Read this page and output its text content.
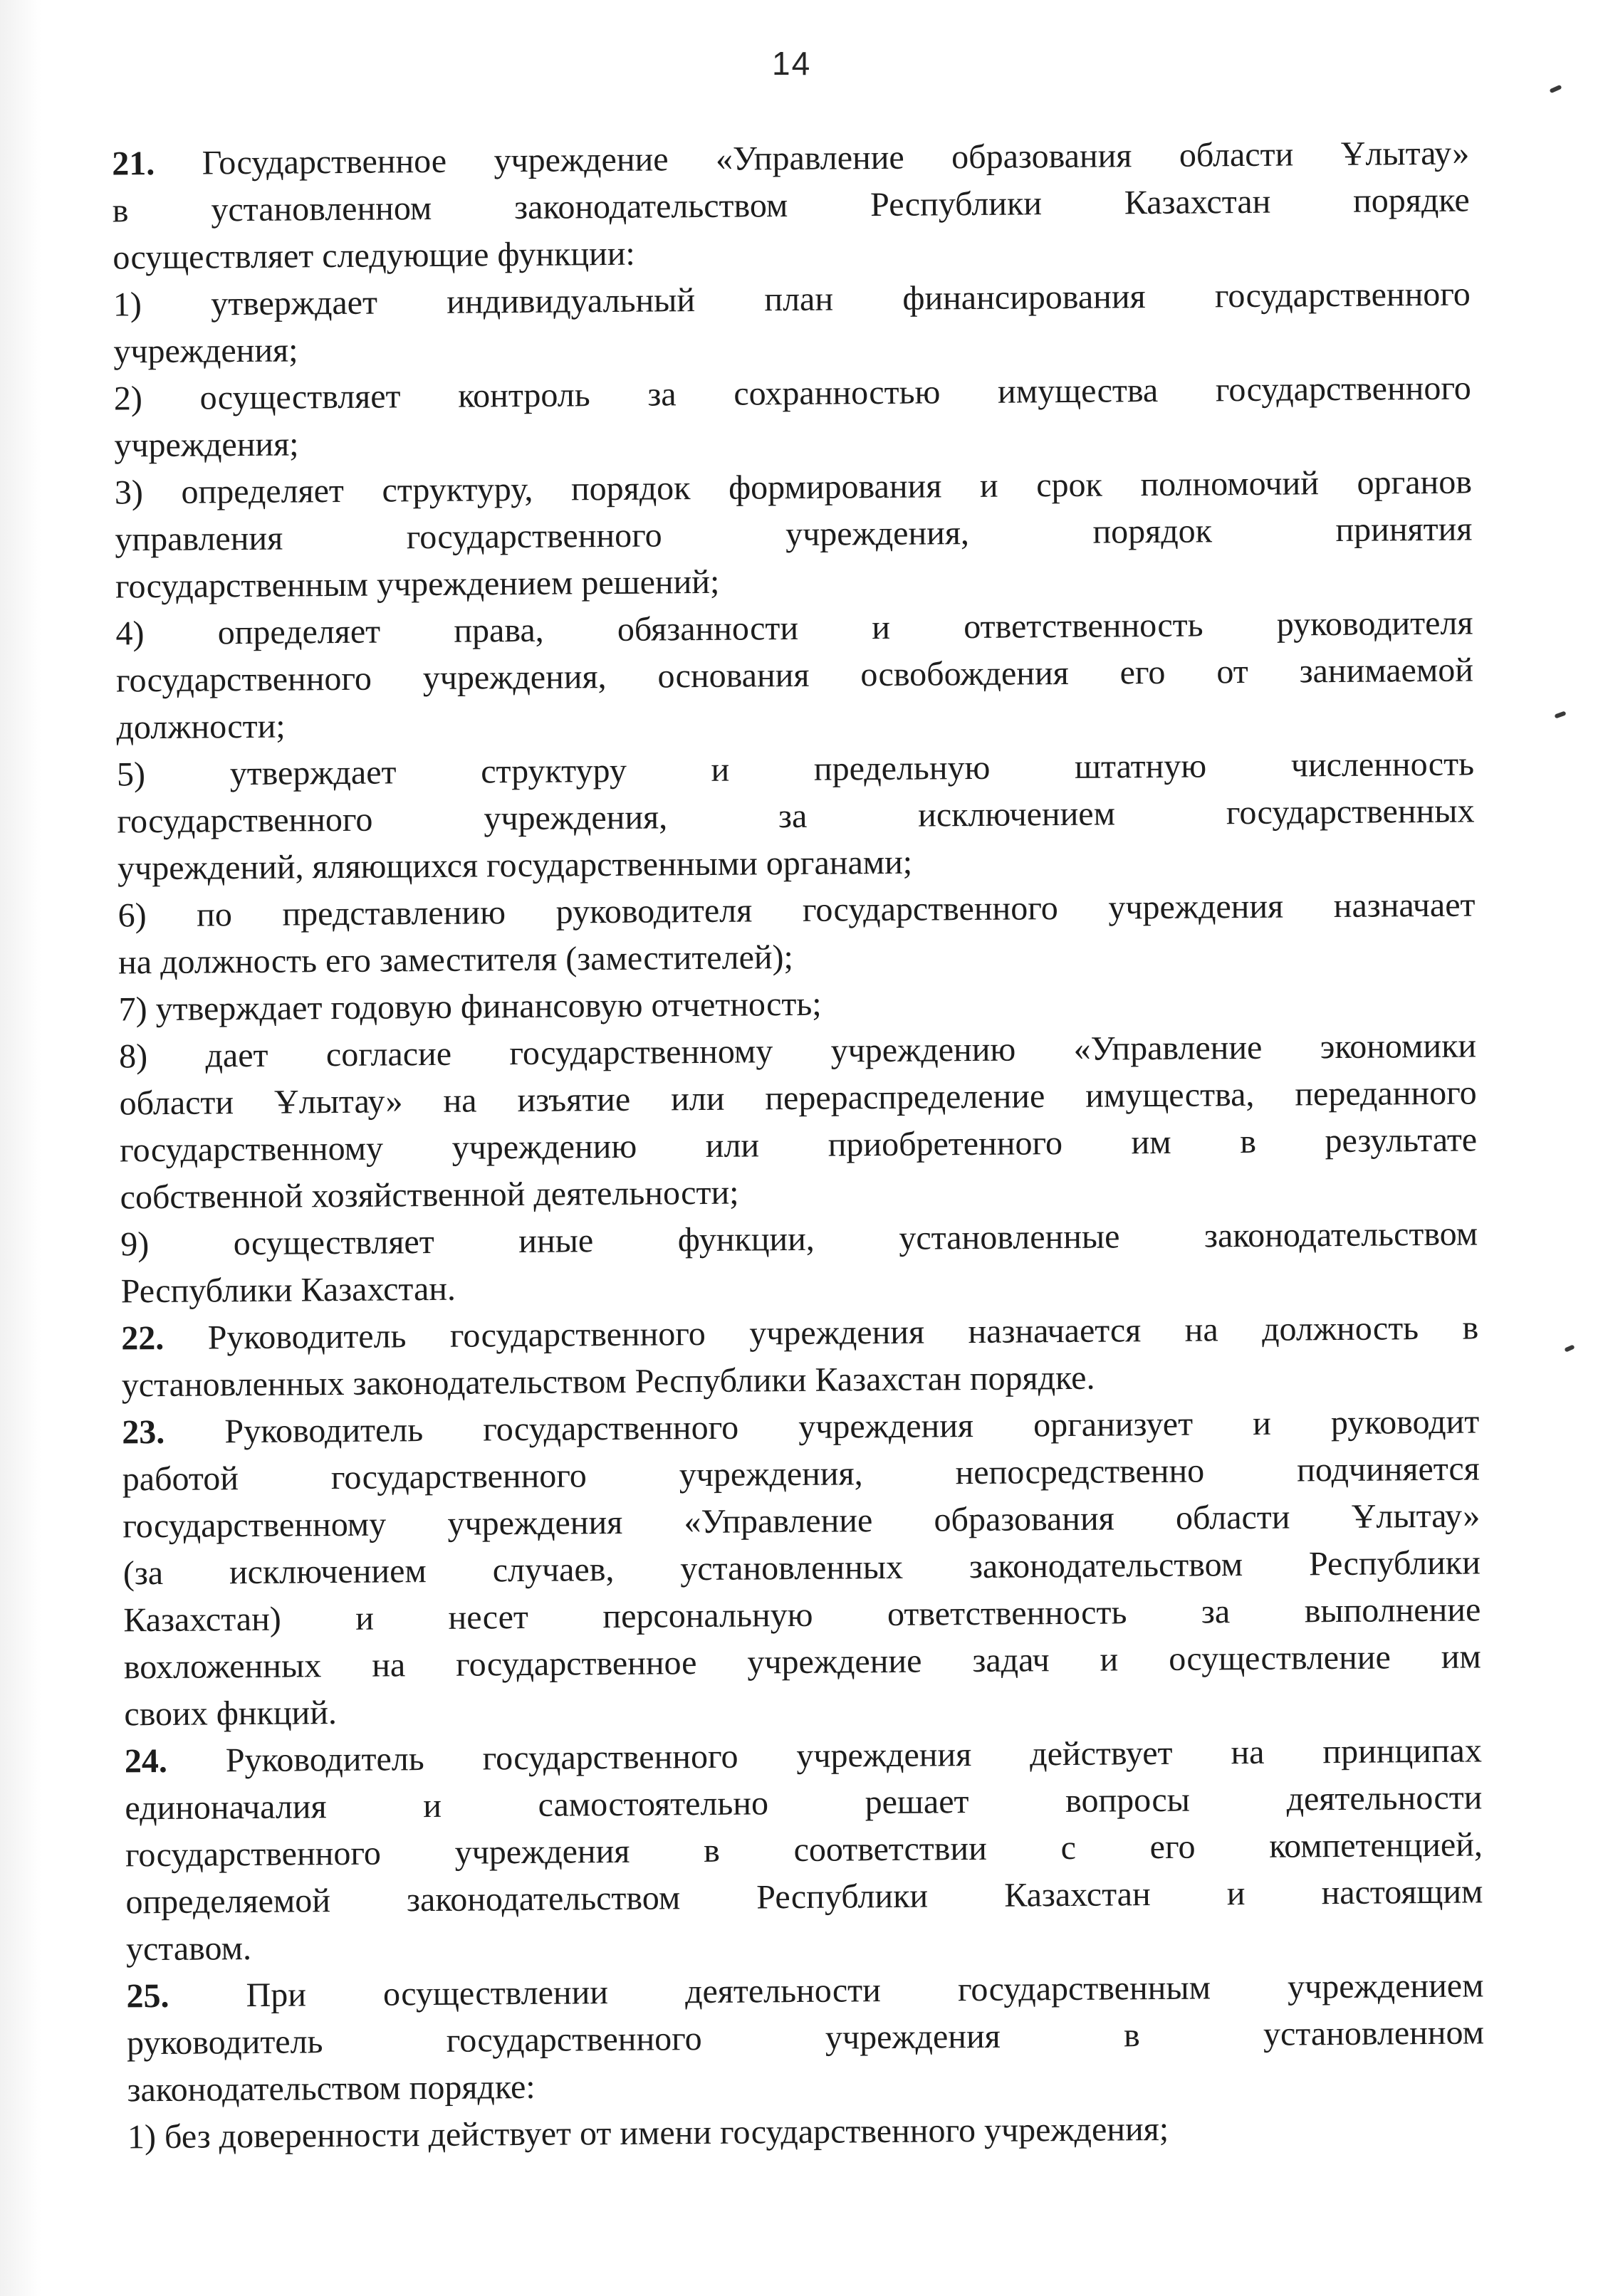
14
21. Государственное учреждение «Управление образования области Ұлытау»
в установленном законодательством Республики Казахстан порядке
осуществляет следующие функции:
1) утверждает индивидуальный план финансирования государственного
учреждения;
2) осуществляет контроль за сохранностью имущества государственного
учреждения;
3) определяет структуру, порядок формирования и срок полномочий органов
управления государственного учреждения, порядок принятия
государственным учреждением решений;
4) определяет права, обязанности и ответственность руководителя
государственного учреждения, основания освобождения его от занимаемой
должности;
5) утверждает структуру и предельную штатную численность
государственного учреждения, за исключением государственных
учреждений, яляющихся государственными органами;
6) по представлению руководителя государственного учреждения назначает
на должность его заместителя (заместителей);
7) утверждает годовую финансовую отчетность;
8) дает согласие государственному учреждению «Управление экономики
области Ұлытау» на изъятие или перераспределение имущества, переданного
государственному учреждению или приобретенного им в результате
собственной хозяйственной деятельности;
9) осуществляет иные функции, установленные законодательством
Республики Казахстан.
22. Руководитель государственного учреждения назначается на должность в
установленных законодательством Республики Казахстан порядке.
23. Руководитель государственного учреждения организует и руководит
работой государственного учреждения, непосредственно подчиняется
государственному учреждения «Управление образования области Ұлытау»
(за исключением случаев, установленных законодательством Республики
Казахстан) и несет персональную ответственность за выполнение
вохложенных на государственное учреждение задач и осуществление им
своих фнкций.
24. Руководитель государственного учреждения действует на принципах
единоначалия и самостоятельно решает вопросы деятельности
государственного учреждения в соответствии с его компетенцией,
определяемой законодательством Республики Казахстан и настоящим
уставом.
25. При осуществлении деятельности государственным учреждением
руководитель государственного учреждения в установленном
законодательством порядке:
1) без доверенности действует от имени государственного учреждения;
